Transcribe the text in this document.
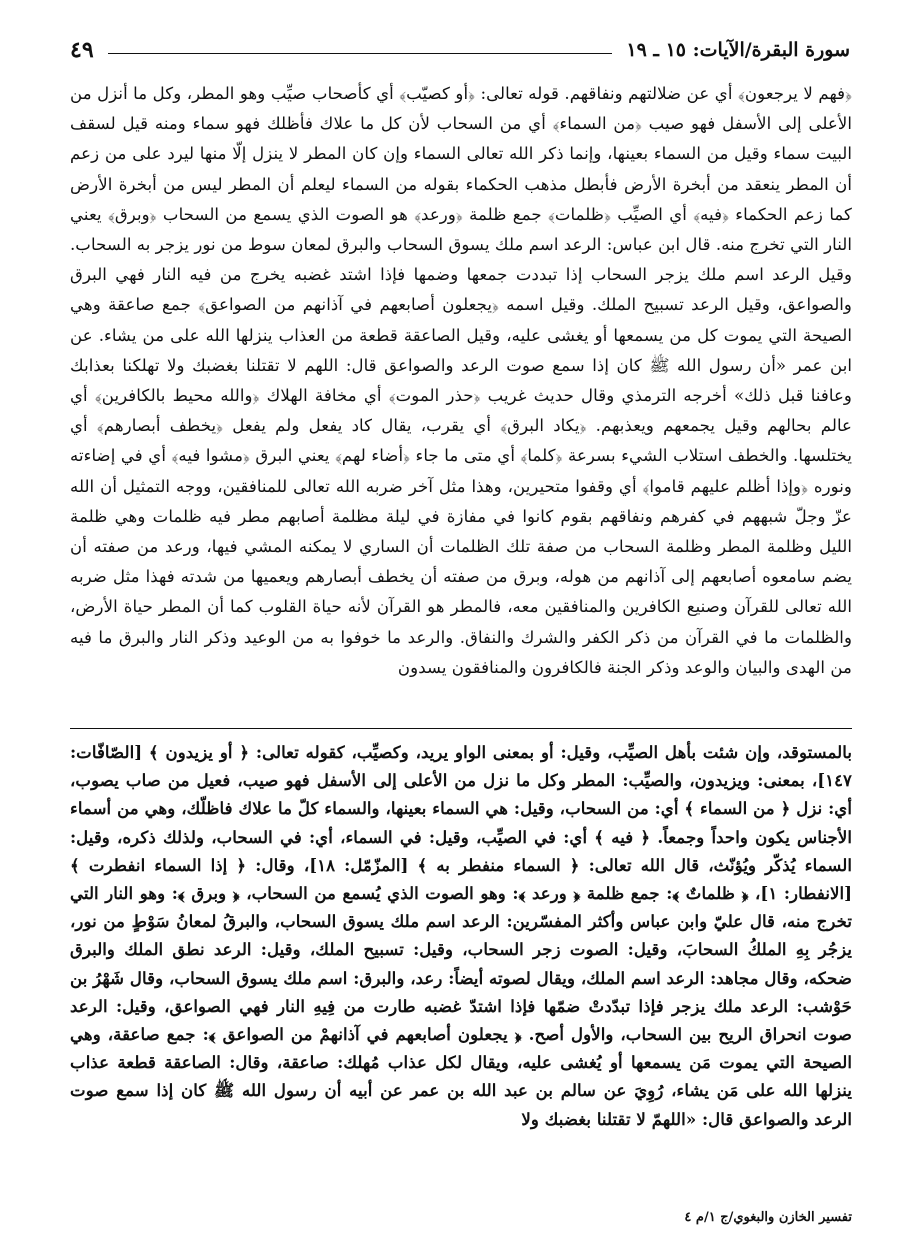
سورة البقرة/الآيات: ١٥ ـ ١٩
٤٩
﴿فهم لا يرجعون﴾ أي عن ضلالتهم ونفاقهم. قوله تعالى: ﴿أو كصيّب﴾ أي كأصحاب صيِّب وهو المطر، وكل ما أنزل من الأعلى إلى الأسفل فهو صيب ﴿من السماء﴾ أي من السحاب لأن كل ما علاك فأظلك فهو سماء ومنه قيل لسقف البيت سماء وقيل من السماء بعينها، وإنما ذكر الله تعالى السماء وإن كان المطر لا ينزل إلّا منها ليرد على من زعم أن المطر ينعقد من أبخرة الأرض فأبطل مذهب الحكماء بقوله من السماء ليعلم أن المطر ليس من أبخرة الأرض كما زعم الحكماء ﴿فيه﴾ أي الصيِّب ﴿ظلمات﴾ جمع ظلمة ﴿ورعد﴾ هو الصوت الذي يسمع من السحاب ﴿وبرق﴾ يعني النار التي تخرج منه. قال ابن عباس: الرعد اسم ملك يسوق السحاب والبرق لمعان سوط من نور يزجر به السحاب. وقيل الرعد اسم ملك يزجر السحاب إذا تبددت جمعها وضمها فإذا اشتد غضبه يخرج من فيه النار فهي البرق والصواعق، وقيل الرعد تسبيح الملك. وقيل اسمه ﴿يجعلون أصابعهم في آذانهم من الصواعق﴾ جمع صاعقة وهي الصيحة التي يموت كل من يسمعها أو يغشى عليه، وقيل الصاعقة قطعة من العذاب ينزلها الله على من يشاء. عن ابن عمر «أن رسول الله ﷺ كان إذا سمع صوت الرعد والصواعق قال: اللهم لا تقتلنا بغضبك ولا تهلكنا بعذابك وعافنا قبل ذلك» أخرجه الترمذي وقال حديث غريب ﴿حذر الموت﴾ أي مخافة الهلاك ﴿والله محيط بالكافرين﴾ أي عالم بحالهم وقيل يجمعهم ويعذبهم. ﴿يكاد البرق﴾ أي يقرب، يقال كاد يفعل ولم يفعل ﴿يخطف أبصارهم﴾ أي يختلسها. والخطف استلاب الشيء بسرعة ﴿كلما﴾ أي متى ما جاء ﴿أضاء لهم﴾ يعني البرق ﴿مشوا فيه﴾ أي في إضاءته ونوره ﴿وإذا أظلم عليهم قاموا﴾ أي وقفوا متحيرين، وهذا مثل آخر ضربه الله تعالى للمنافقين، ووجه التمثيل أن الله عزّ وجلّ شبههم في كفرهم ونفاقهم بقوم كانوا في مفازة في ليلة مظلمة أصابهم مطر فيه ظلمات وهي ظلمة الليل وظلمة المطر وظلمة السحاب من صفة تلك الظلمات أن الساري لا يمكنه المشي فيها، ورعد من صفته أن يضم سامعوه أصابعهم إلى آذانهم من هوله، وبرق من صفته أن يخطف أبصارهم ويعميها من شدته فهذا مثل ضربه الله تعالى للقرآن وصنيع الكافرين والمنافقين معه، فالمطر هو القرآن لأنه حياة القلوب كما أن المطر حياة الأرض، والظلمات ما في القرآن من ذكر الكفر والشرك والنفاق. والرعد ما خوفوا به من الوعيد وذكر النار والبرق ما فيه من الهدى والبيان والوعد وذكر الجنة فالكافرون والمنافقون يسدون
بالمستوقد، وإن شئت بأهل الصيِّب، وقيل: أو بمعنى الواو يريد، وكصيِّب، كقوله تعالى: ﴿ أو يزيدون ﴾ [الصّافّات: ١٤٧]، بمعنى: ويزيدون، والصيِّب: المطر وكل ما نزل من الأعلى إلى الأسفل فهو صيب، فعيل من صاب يصوب، أي: نزل ﴿ من السماء ﴾ أي: من السحاب، وقيل: هي السماء بعينها، والسماء كلّ ما علاك فاظلّك، وهي من أسماء الأجناس يكون واحداً وجمعاً. ﴿ فيه ﴾ أي: في الصيِّب، وقيل: في السماء، أي: في السحاب، ولذلك ذكره، وقيل: السماء يُذكّر ويُؤنّث، قال الله تعالى: ﴿ السماء منفطر به ﴾ [المزّمّل: ١٨]، وقال: ﴿ إذا السماء انفطرت ﴾ [الانفطار: ١]، ﴿ ظلماتٌ ﴾: جمع ظلمة ﴿ ورعد ﴾: وهو الصوت الذي يُسمع من السحاب، ﴿ وبرق ﴾: وهو النار التي تخرج منه، قال عليّ وابن عباس وأكثر المفسّرين: الرعد اسم ملك يسوق السحاب، والبرقُ لمعانُ سَوْطٍ من نور، يزجُر بِهِ الملكُ السحابَ، وقيل: الصوت زجر السحاب، وقيل: تسبيح الملك، وقيل: الرعد نطق الملك والبرق ضحكه، وقال مجاهد: الرعد اسم الملك، ويقال لصوته أيضاً: رعد، والبرق: اسم ملك يسوق السحاب، وقال شَهْرُ بن حَوْشب: الرعد ملك يزجر فإذا تبدّدتْ ضمّها فإذا اشتدّ غضبه طارت من فِيهِ النار فهي الصواعق، وقيل: الرعد صوت انحراق الريح بين السحاب، والأول أصح. ﴿ يجعلون أصابعهم في آذانهمْ من الصواعق ﴾: جمع صاعقة، وهي الصيحة التي يموت مَن يسمعها أو يُغشى عليه، ويقال لكل عذاب مُهلك: صاعقة، وقال: الصاعقة قطعة عذاب ينزلها الله على مَن يشاء، رُوِيَ عن سالم بن عبد الله بن عمر عن أبيه أن رسول الله ﷺ كان إذا سمع صوت الرعد والصواعق قال: «اللهمّ لا تقتلنا بغضبك ولا
تفسير الخازن والبغوي/ج ١/م ٤
